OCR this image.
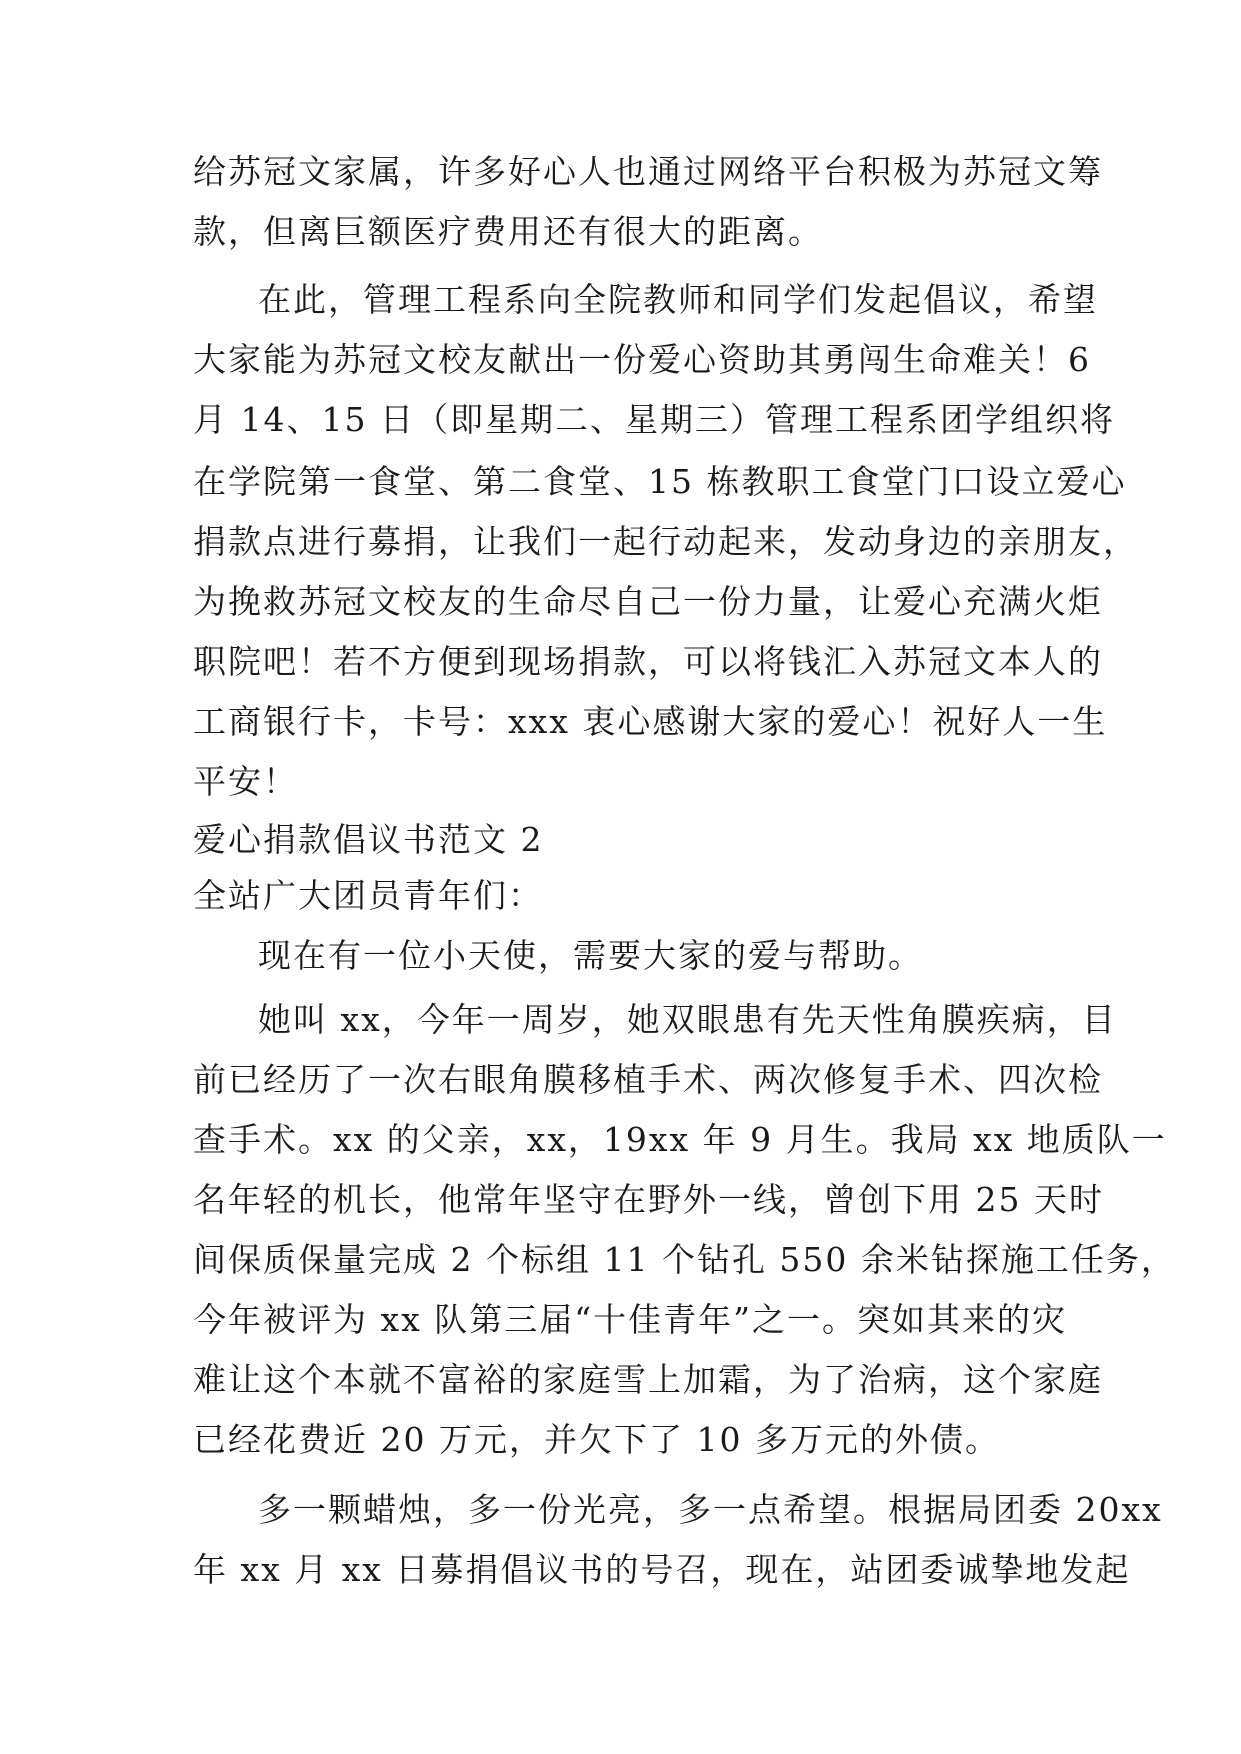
给苏冠文家属，许多好心人也通过网络平台积极为苏冠文筹
款，但离巨额医疗费用还有很大的距离。
在此，管理工程系向全院教师和同学们发起倡议，希望
大家能为苏冠文校友献出一份爱心资助其勇闯生命难关！6
月 14、15 日（即星期二、星期三）管理工程系团学组织将
在学院第一食堂、第二食堂、15 栋教职工食堂门口设立爱心
捐款点进行募捐，让我们一起行动起来，发动身边的亲朋友，
为挽救苏冠文校友的生命尽自己一份力量，让爱心充满火炬
职院吧！若不方便到现场捐款，可以将钱汇入苏冠文本人的
工商银行卡，卡号：xxx 衷心感谢大家的爱心！祝好人一生
平安！
爱心捐款倡议书范文 2
全站广大团员青年们：
现在有一位小天使，需要大家的爱与帮助。
她叫 xx，今年一周岁，她双眼患有先天性角膜疾病，目
前已经历了一次右眼角膜移植手术、两次修复手术、四次检
查手术。xx 的父亲，xx，19xx 年 9 月生。我局 xx 地质队一
名年轻的机长，他常年坚守在野外一线，曾创下用 25 天时
间保质保量完成 2 个标组 11 个钻孔 550 余米钻探施工任务，
今年被评为 xx 队第三届“十佳青年”之一。突如其来的灾
难让这个本就不富裕的家庭雪上加霜，为了治病，这个家庭
已经花费近 20 万元，并欠下了 10 多万元的外债。
多一颗蜡烛，多一份光亮，多一点希望。根据局团委 20xx
年 xx 月 xx 日募捐倡议书的号召，现在，站团委诚挚地发起
